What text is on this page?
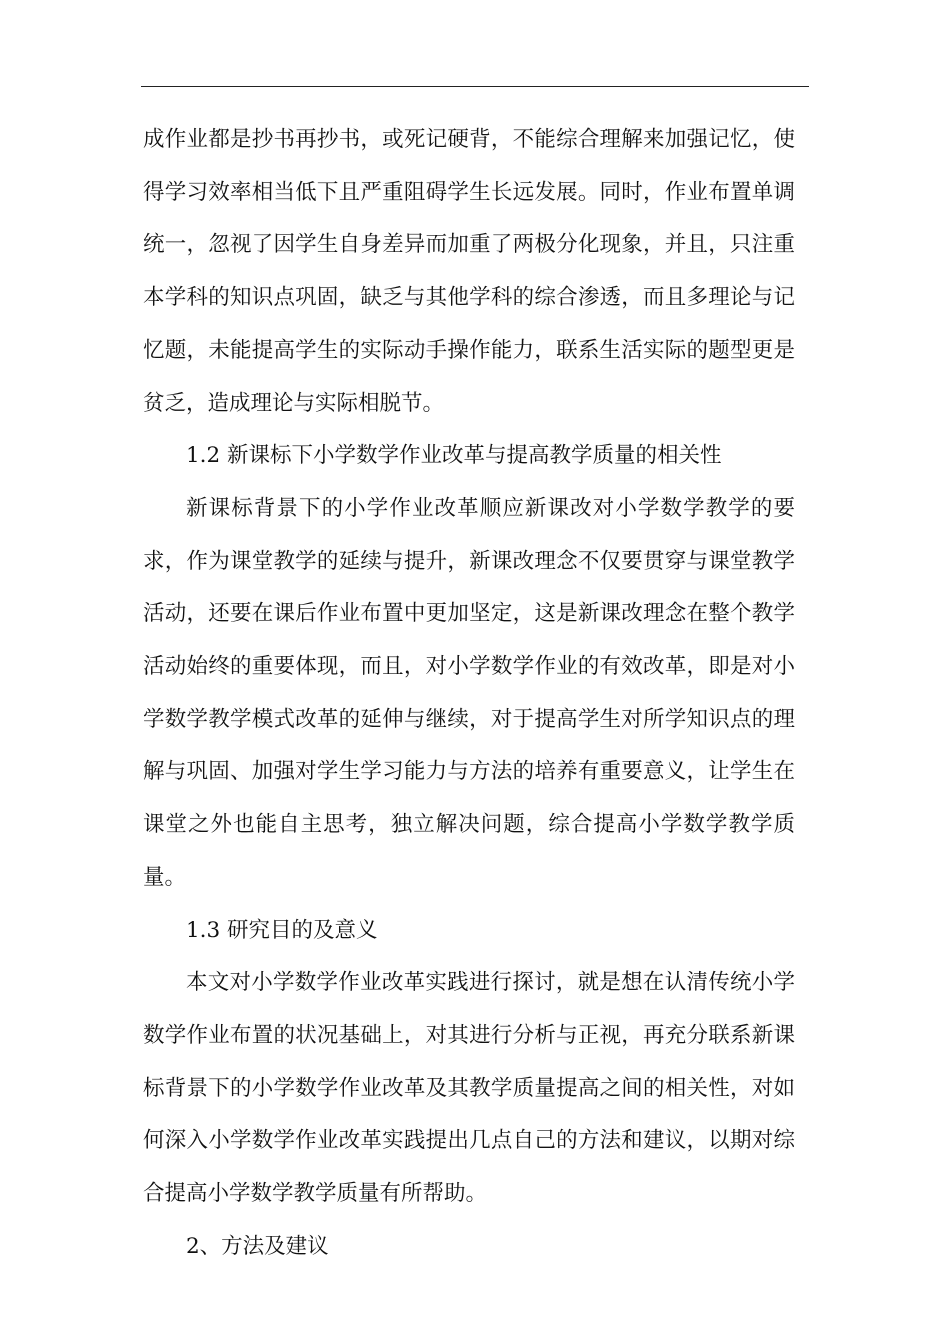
成作业都是抄书再抄书，或死记硬背，不能综合理解来加强记忆，使得学习效率相当低下且严重阻碍学生长远发展。同时，作业布置单调统一，忽视了因学生自身差异而加重了两极分化现象，并且，只注重本学科的知识点巩固，缺乏与其他学科的综合渗透，而且多理论与记忆题，未能提高学生的实际动手操作能力，联系生活实际的题型更是贫乏，造成理论与实际相脱节。

1.2 新课标下小学数学作业改革与提高教学质量的相关性

新课标背景下的小学作业改革顺应新课改对小学数学教学的要求，作为课堂教学的延续与提升，新课改理念不仅要贯穿与课堂教学活动，还要在课后作业布置中更加坚定，这是新课改理念在整个教学活动始终的重要体现，而且，对小学数学作业的有效改革，即是对小学数学教学模式改革的延伸与继续，对于提高学生对所学知识点的理解与巩固、加强对学生学习能力与方法的培养有重要意义，让学生在课堂之外也能自主思考，独立解决问题，综合提高小学数学教学质量。

1.3 研究目的及意义

本文对小学数学作业改革实践进行探讨，就是想在认清传统小学数学作业布置的状况基础上，对其进行分析与正视，再充分联系新课标背景下的小学数学作业改革及其教学质量提高之间的相关性，对如何深入小学数学作业改革实践提出几点自己的方法和建议，以期对综合提高小学数学教学质量有所帮助。

2、方法及建议
